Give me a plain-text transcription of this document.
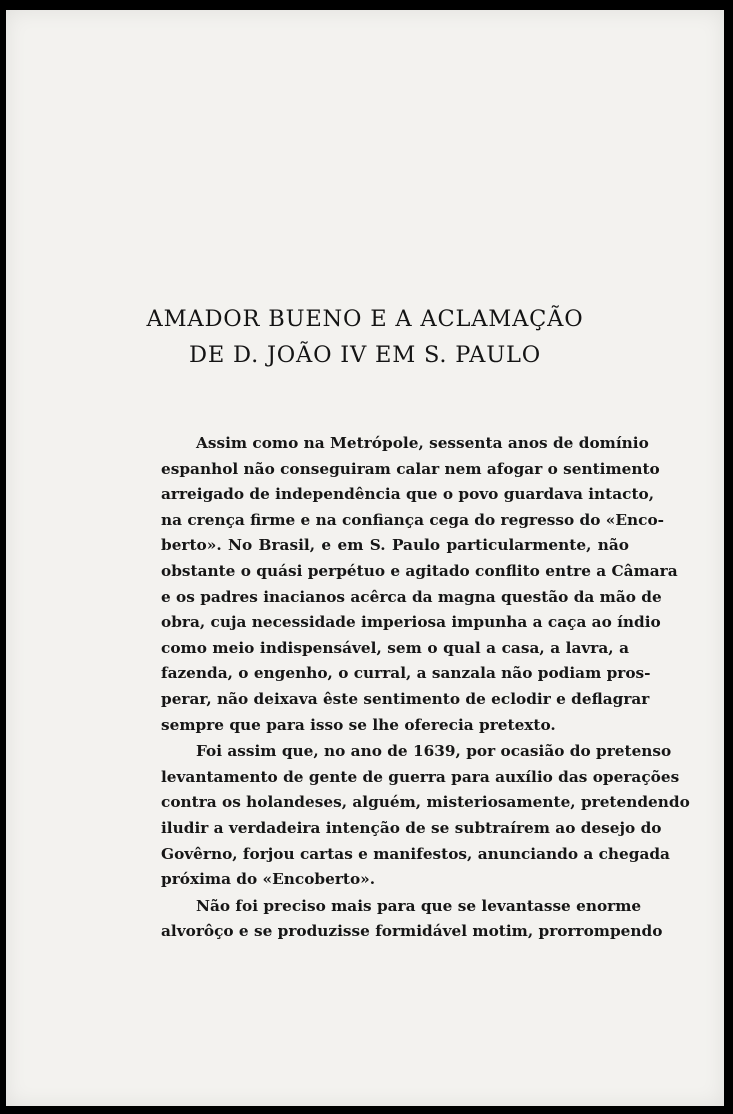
AMADOR BUENO E A ACLAMAÇÃO
DE D. JOÃO IV EM S. PAULO
Assim como na Metrópole, sessenta anos de domínio
espanhol não conseguiram calar nem afogar o sentimento
arreigado de independência que o povo guardava intacto,
na crença firme e na confiança cega do regresso do «Enco-
berto». No Brasil, e em S. Paulo particularmente, não
obstante o quási perpétuo e agitado conflito entre a Câmara
e os padres inacianos acêrca da magna questão da mão de
obra, cuja necessidade imperiosa impunha a caça ao índio
como meio indispensável, sem o qual a casa, a lavra, a
fazenda, o engenho, o curral, a sanzala não podiam pros-
perar, não deixava êste sentimento de eclodir e deflagrar
sempre que para isso se lhe oferecia pretexto.
Foi assim que, no ano de 1639, por ocasião do pretenso
levantamento de gente de guerra para auxílio das operações
contra os holandeses, alguém, misteriosamente, pretendendo
iludir a verdadeira intenção de se subtraírem ao desejo do
Govêrno, forjou cartas e manifestos, anunciando a chegada
próxima do «Encoberto».
Não foi preciso mais para que se levantasse enorme
alvorôço e se produzisse formidável motim, prorrompendo
